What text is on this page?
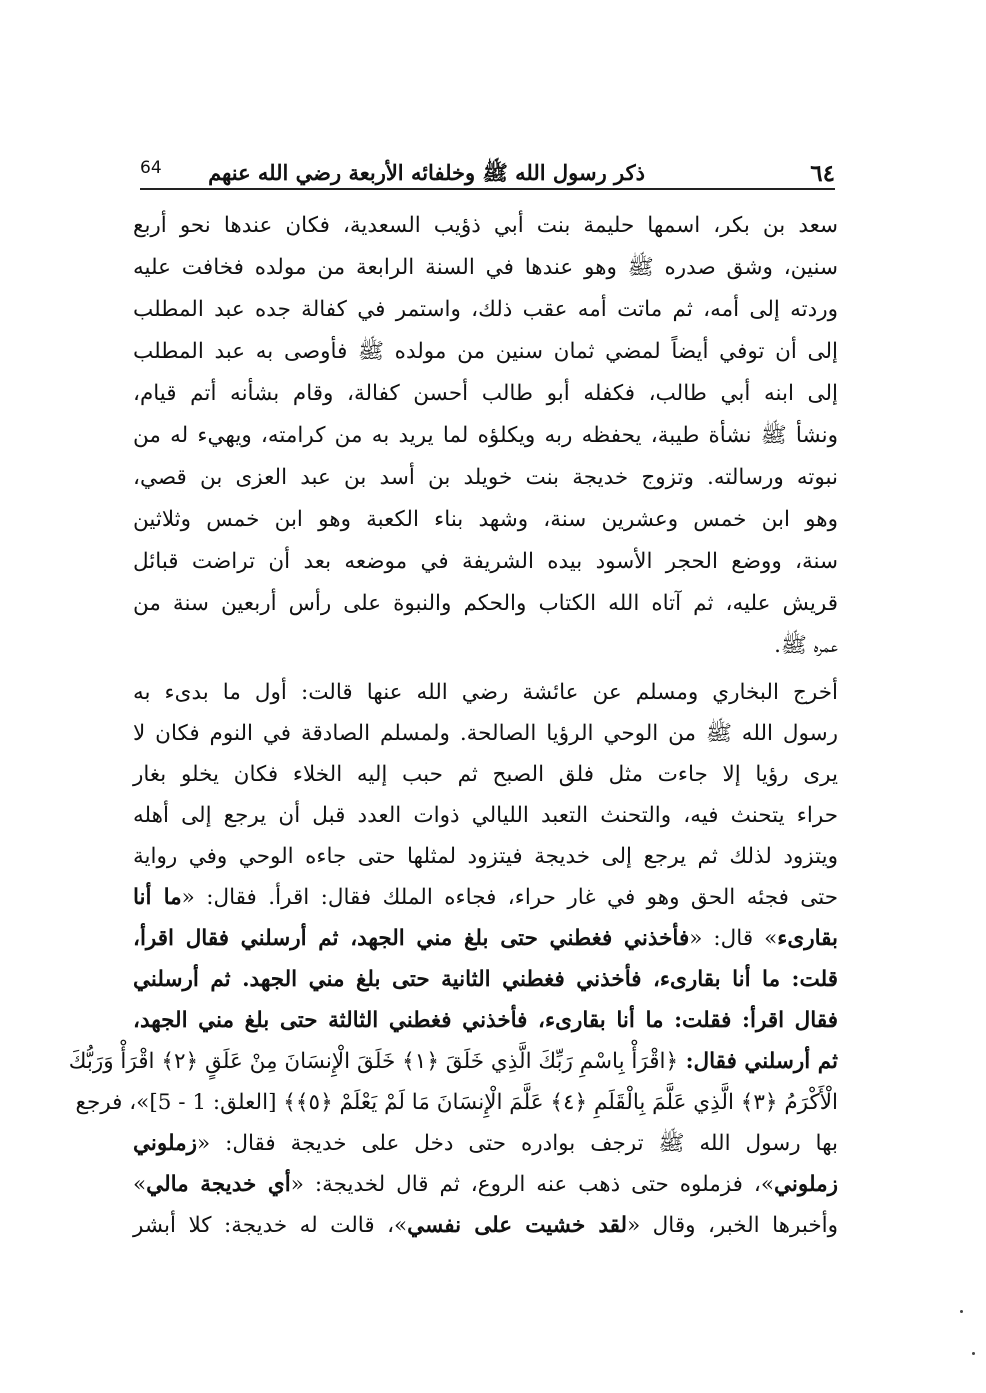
٦٤
ذكر رسول الله ﷺ وخلفائه الأربعة رضي الله عنهم
64
سعد بن بكر، اسمها حليمة بنت أبي ذؤيب السعدية، فكان عندها نحو أربع
سنين، وشق صدره ﷺ وهو عندها في السنة الرابعة من مولده فخافت عليه
وردته إلى أمه، ثم ماتت أمه عقب ذلك، واستمر في كفالة جده عبد المطلب
إلى أن توفي أيضاً لمضي ثمان سنين من مولده ﷺ فأوصى به عبد المطلب
إلى ابنه أبي طالب، فكفله أبو طالب أحسن كفالة، وقام بشأنه أتم قيام،
ونشأ ﷺ نشأة طيبة، يحفظه ربه ويكلؤه لما يريد به من كرامته، ويهيء له من
نبوته ورسالته. وتزوج خديجة بنت خويلد بن أسد بن عبد العزى بن قصي،
وهو ابن خمس وعشرين سنة، وشهد بناء الكعبة وهو ابن خمس وثلاثين
سنة، ووضع الحجر الأسود بيده الشريفة في موضعه بعد أن تراضت قبائل
قريش عليه، ثم آتاه الله الكتاب والحكم والنبوة على رأس أربعين سنة من
عمره ﷺ.
أخرج البخاري ومسلم عن عائشة رضي الله عنها قالت: أول ما بدىء به
رسول الله ﷺ من الوحي الرؤيا الصالحة. ولمسلم الصادقة في النوم فكان لا
يرى رؤيا إلا جاءت مثل فلق الصبح ثم حبب إليه الخلاء فكان يخلو بغار
حراء يتحنث فيه، والتحنث التعبد الليالي ذوات العدد قبل أن يرجع إلى أهله
ويتزود لذلك ثم يرجع إلى خديجة فيتزود لمثلها حتى جاءه الوحي وفي رواية
حتى فجئه الحق وهو في غار حراء، فجاءه الملك فقال: اقرأ. فقال: «ما أنا
بقارىء» قال: «فأخذني فغطني حتى بلغ مني الجهد، ثم أرسلني فقال اقرأ،
قلت: ما أنا بقارىء، فأخذني فغطني الثانية حتى بلغ مني الجهد. ثم أرسلني
فقال اقرأ: فقلت: ما أنا بقارىء، فأخذني فغطني الثالثة حتى بلغ مني الجهد،
ثم أرسلني فقال: ﴿اقْرَأْ بِاسْمِ رَبِّكَ الَّذِي خَلَقَ ﴿١﴾ خَلَقَ الْإِنسَانَ مِنْ عَلَقٍ ﴿٢﴾ اقْرَأْ وَرَبُّكَ
الْأَكْرَمُ ﴿٣﴾ الَّذِي عَلَّمَ بِالْقَلَمِ ﴿٤﴾ عَلَّمَ الْإِنسَانَ مَا لَمْ يَعْلَمْ ﴿٥﴾﴾ [العلق: 1 - 5]»، فرجع
بها رسول الله ﷺ ترجف بوادره حتى دخل على خديجة فقال: «زملوني
زملوني»، فزملوه حتى ذهب عنه الروع، ثم قال لخديجة: «أي خديجة مالي»
وأخبرها الخبر، وقال «لقد خشيت على نفسي»، قالت له خديجة: كلا أبشر
